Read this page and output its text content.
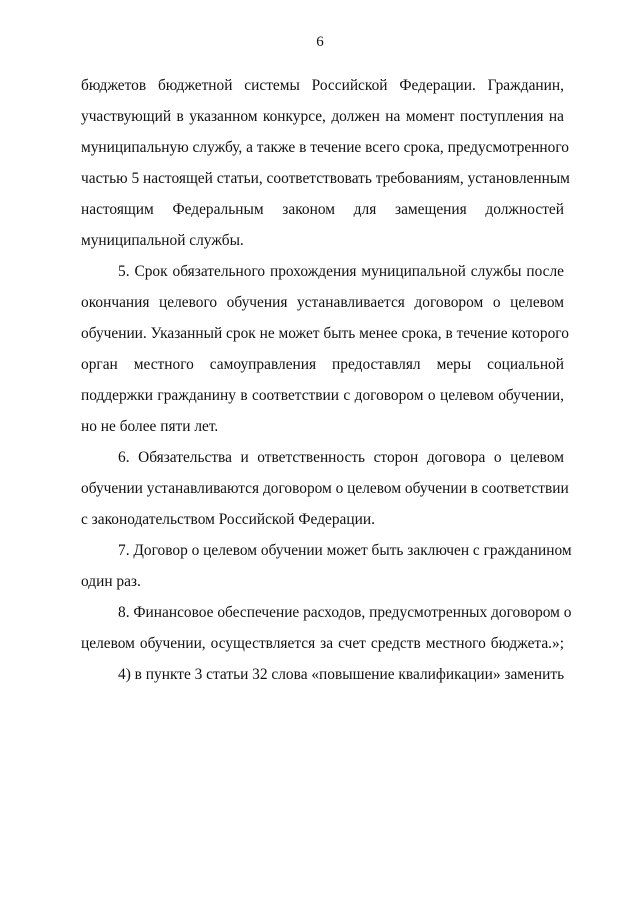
6
бюджетов бюджетной системы Российской Федерации. Гражданин,
участвующий в указанном конкурсе, должен на момент поступления на
муниципальную службу, а также в течение всего срока, предусмотренного
частью 5 настоящей статьи, соответствовать требованиям, установленным
настоящим Федеральным законом для замещения должностей
муниципальной службы.
5. Срок обязательного прохождения муниципальной службы после
окончания целевого обучения устанавливается договором о целевом
обучении. Указанный срок не может быть менее срока, в течение которого
орган местного самоуправления предоставлял меры социальной
поддержки гражданину в соответствии с договором о целевом обучении,
но не более пяти лет.
6. Обязательства и ответственность сторон договора о целевом
обучении устанавливаются договором о целевом обучении в соответствии
с законодательством Российской Федерации.
7. Договор о целевом обучении может быть заключен с гражданином
один раз.
8. Финансовое обеспечение расходов, предусмотренных договором о
целевом обучении, осуществляется за счет средств местного бюджета.»;
4) в пункте 3 статьи 32 слова «повышение квалификации» заменить
